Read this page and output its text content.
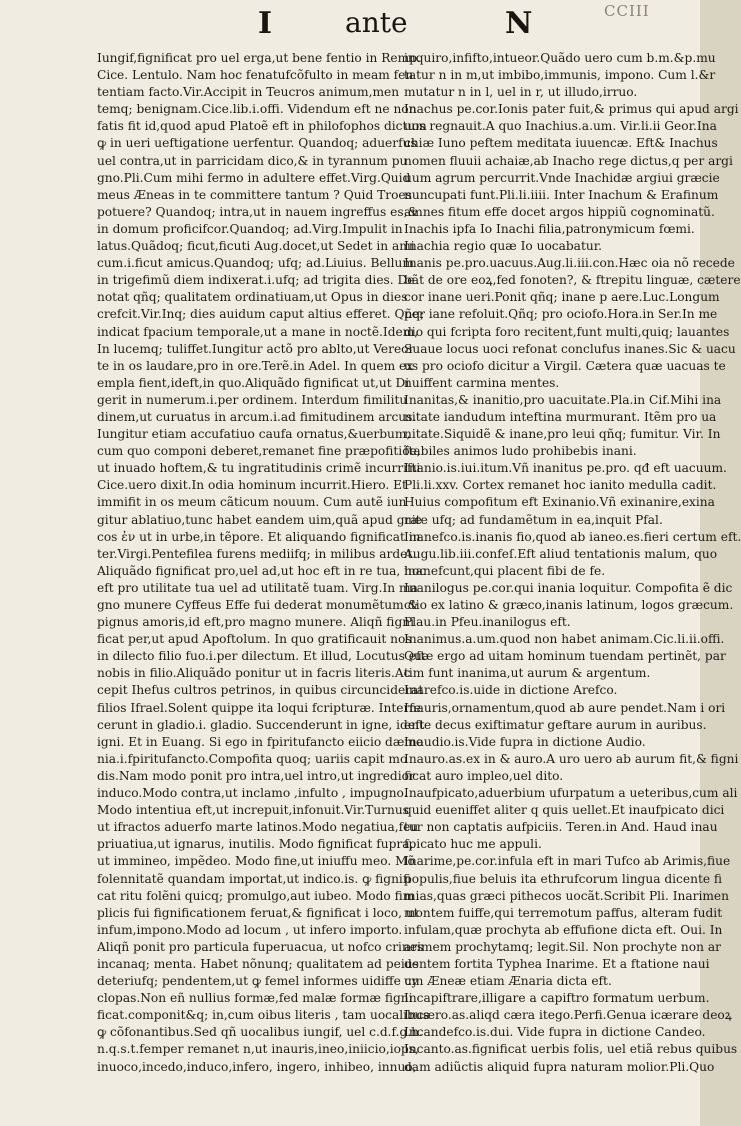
I	ante	N	CCIII
Iungif,fignificat pro uel erga,ut bene fentio in Remp.
Cice. Lentulo. Nam hoc fenatufcõfulto in meam fen
tentiam facto.Vir.Accipit in Teucros animum,men
temq; benignam.Cice.lib.i.offi. Videndum eft ne non
fatis fit id,quod apud Platoẽ eft in philofophos dictum
ꝙ in ueri ueftigatione uerfentur. Quandoq; aduerfus
uel contra,ut in parricidam dico,& in tyrannum pu
gno.Pli.Cum mihi fermo in adultere effet.Virg.Quid
meus Æneas in te committere tantum ? Quid Troes
potuere? Quandoq; intra,ut in nauem ingreffus es,&
in domum proficifcor.Quandoq; ad.Virg.Impulit in
latus.Quãdoq; ficut,ficuti Aug.docet,ut Sedet in ami
cum.i.ficut amicus.Quandoq; ufq; ad.Liuius. Bellum
in trigefimũ diem indixerat.i.ufq; ad trigita dies. De
notat qñq; qualitatem ordinatiuam,ut Opus in dies
crefcit.Vir.Inq; dies auidum caput altius efferet. Qñq;
indicat fpacium temporale,ut a mane in noctẽ.Idem,
In lucemq; tuliffet.Iungitur actõ pro ablto,ut Vereor
te in os laudare,pro in ore.Terẽ.in Adel. In quem ex
empla fient,ideft,in quo.Aliquãdo fignificat ut,ut Di
gerit in numerum.i.per ordinem. Interdum fimilitu
dinem,ut curuatus in arcum.i.ad fimitudinem arcus.
Iungitur etiam accufatiuo caufa ornatus,&uerbum,
cum quo componi deberet,remanet fine præpofitiõe,
ut inuado hoftem,& tu ingratitudinis crimẽ incurrifti
Cice.uero dixit.In odia hominum incurrit.Hiero. Et
immifit in os meum cãticum nouum. Cum autẽ iun
gitur ablatiuo,tunc habet eandem uim,quã apud græ
cos ἐν ut in urbe,in tẽpore. Et aliquando fignificat in
ter.Virgi.Pentefilea furens mediifq; in milibus ardet.
Aliquãdo fignificat pro,uel ad,ut hoc eft in re tua, hoc
eft pro utilitate tua uel ad utilitatẽ tuam. Virg.In ma
gno munere Cyffeus Effe fui dederat monumẽtum &
pignus amoris,id eft,pro magno munere. Aliqñ figni
ficat per,ut apud Apoftolum. In quo gratificauit nos
in dilecto filio fuo.i.per dilectum. Et illud, Locutus eft
nobis in filio.Aliquãdo ponitur ut in facris literis.Ac
cepit Ihefus cultros petrinos, in quibus circunciderat
filios Ifrael.Solent quippe ita loqui fcripturæ. Interfe
cerunt in gladio.i. gladio. Succenderunt in igne, ideft
igni. Et in Euang. Si ego in fpiritufancto eiicio dæmo
nia.i.fpiritufancto.Compofita quoq; uariis capit mo
dis.Nam modo ponit pro intra,uel intro,ut ingredior
induco.Modo contra,ut inclamo ,infulto , impugno.
Modo intentiua eft,ut increpuit,infonuit.Vir.Turnus
ut ifractos aduerfo marte latinos.Modo negatiua,feu
priuatiua,ut ignarus, inutilis. Modo fignificat fupra,
ut immineo, impẽdeo. Modo fine,ut iniuffu meo. Mõ
folennitatẽ quandam importat,ut indico.is. ꝙ fignifi
cat ritu folẽni quicq; promulgo,aut iubeo. Modo fim
plicis fui fignificationem feruat,& fignificat i loco, ut
infum,impono.Modo ad locum , ut infero importo.
Aliqñ ponit pro particula fuperuacua, ut nofco crines
incanaq; menta. Habet nõnunq; qualitatem ad peius
deteriufq; pendentem,ut ꝙ femel informes uidiffe cy
clopas.Non eñ nullius formæ,fed malæ formæ figni
ficat.componit&q; in,cum oibus literis , tam uocalibus
ꝙ cõfonantibus.Sed qñ uocalibus iungif, uel c.d.f.g.h.
n.q.s.t.femper remanet n,ut inauris,ineo,iniicio,iops,
inuoco,incedo,induco,infero, ingero, inhibeo, innuo,
inquiro,infifto,intueor.Quãdo uero cum b.m.&p.mu
tatur n in m,ut imbibo,immunis, impono. Cum l.&r
mutatur n in l, uel in r, ut illudo,irruo.
Inachus pe.cor.Ionis pater fuit,& primus qui apud argi
uos regnauit.A quo Inachius.a.um. Vir.li.ii Geor.Ina
chiæ Iuno peftem meditata iuuencæ. Eft& Inachus
nomen fluuii achaiæ,ab Inacho rege dictus,q per argi
uum agrum percurrit.Vnde Inachidæ argiui græcie
nuncupati funt.Pli.li.iiii. Inter Inachum & Erafinum
amnes fitum effe docet argos hippiũ cognominatũ.
Inachis ipfa Io Inachi filia,patronymicum fœmi.
Inachia regio quæ Io uocabatur.
Inanis pe.pro.uacuus.Aug.li.iii.con.Hæc oia nõ recede
bãt de ore eoꝝ,fed fonoten?, & ftrepitu linguæ, cætere
cor inane ueri.Ponit qñq; inane p aere.Luc.Longum
per iane refoluit.Qñq; pro ociofo.Hora.in Ser.In me
dio qui fcripta foro recitent,funt multi,quiq; lauantes
Suaue locus uoci refonat conclufus inanes.Sic & uacu
us pro ociofo dicitur a Virgil. Cætera quæ uacuas te
nuiffent carmina mentes.
Inanitas,& inanitio,pro uacuitate.Pla.in Cif.Mihi ina
nitate iandudum inteftina murmurant. Itẽm pro ua
nitate.Siquidẽ & inane,pro leui qñq; fumitur. Vir. In
ftabiles animos ludo prohibebis inani.
Inanio.is.iui.itum.Vñ inanitus pe.pro. qđ eft uacuum.
Pli.li.xxv. Cortex remanet hoc ianito medulla cadit.
Huius compofitum eft Exinanio.Vñ exinanire,exina
nite ufq; ad fundamẽtum in ea,inquit Pfal.
Inanefco.is.inanis fio,quod ab ianeo.es.fieri certum eft.
Augu.lib.iii.confeſ.Eft aliud tentationis malum, quo
inanefcunt,qui placent fibi de fe.
Inanilogus pe.cor.qui inania loquitur. Compofita ẽ dic
ctio ex latino & græco,inanis latinum, logos græcum.
Plau.in Pfeu.inanilogus eft.
Inanimus.a.um.quod non habet animam.Cic.li.ii.offi.
Quæ ergo ad uitam hominum tuendam pertinẽt, par
tim funt inanima,ut aurum & argentum.
Inarefco.is.uide in dictione Arefco.
Inauris,ornamentum,quod ab aure pendet.Nam i ori
ente decus exiftimatur geftare aurum in auribus.
Inaudio.is.Vide fupra in dictione Audio.
Inauro.as.ex in & auro.A uro uero ab aurum fit,& figni
ficat auro impleo,uel dito.
Inaufpicato,aduerbium ufurpatum a ueteribus,cum ali
quid eueniffet aliter q quis uellet.Et inaufpicato dici
tur non captatis aufpiciis. Teren.in And. Haud inau
fpicato huc me appuli.
Inarime,pe.cor.infula eft in mari Tufco ab Arimis,fiue
populis,fiue beluis ita ethrufcorum lingua dicente fi
mias,quas græci pithecos uocãt.Scribit Pli. Inarimen
montem fuiffe,qui terremotum paffus, alteram fudit
infulam,quæ prochyta ab effufione dicta eft. Oui. In
arimem prochytamq; legit.Sil. Non prochyte non ar
dentem fortita Typhea Inarime. Et a ftatione naui
um Æneæ etiam Ænaria dicta eft.
Incapiftrare,illigare a capiftro formatum uerbum.
Incæro.as.aliqd cæra itego.Perfi.Genua icærare deoꝝ
Incandefco.is.dui. Vide fupra in dictione Candeo.
Incanto.as.fignificat uerbis folis, uel etiã rebus quibus
dam adiũctis aliquid fupra naturam molior.Pli.Quo
